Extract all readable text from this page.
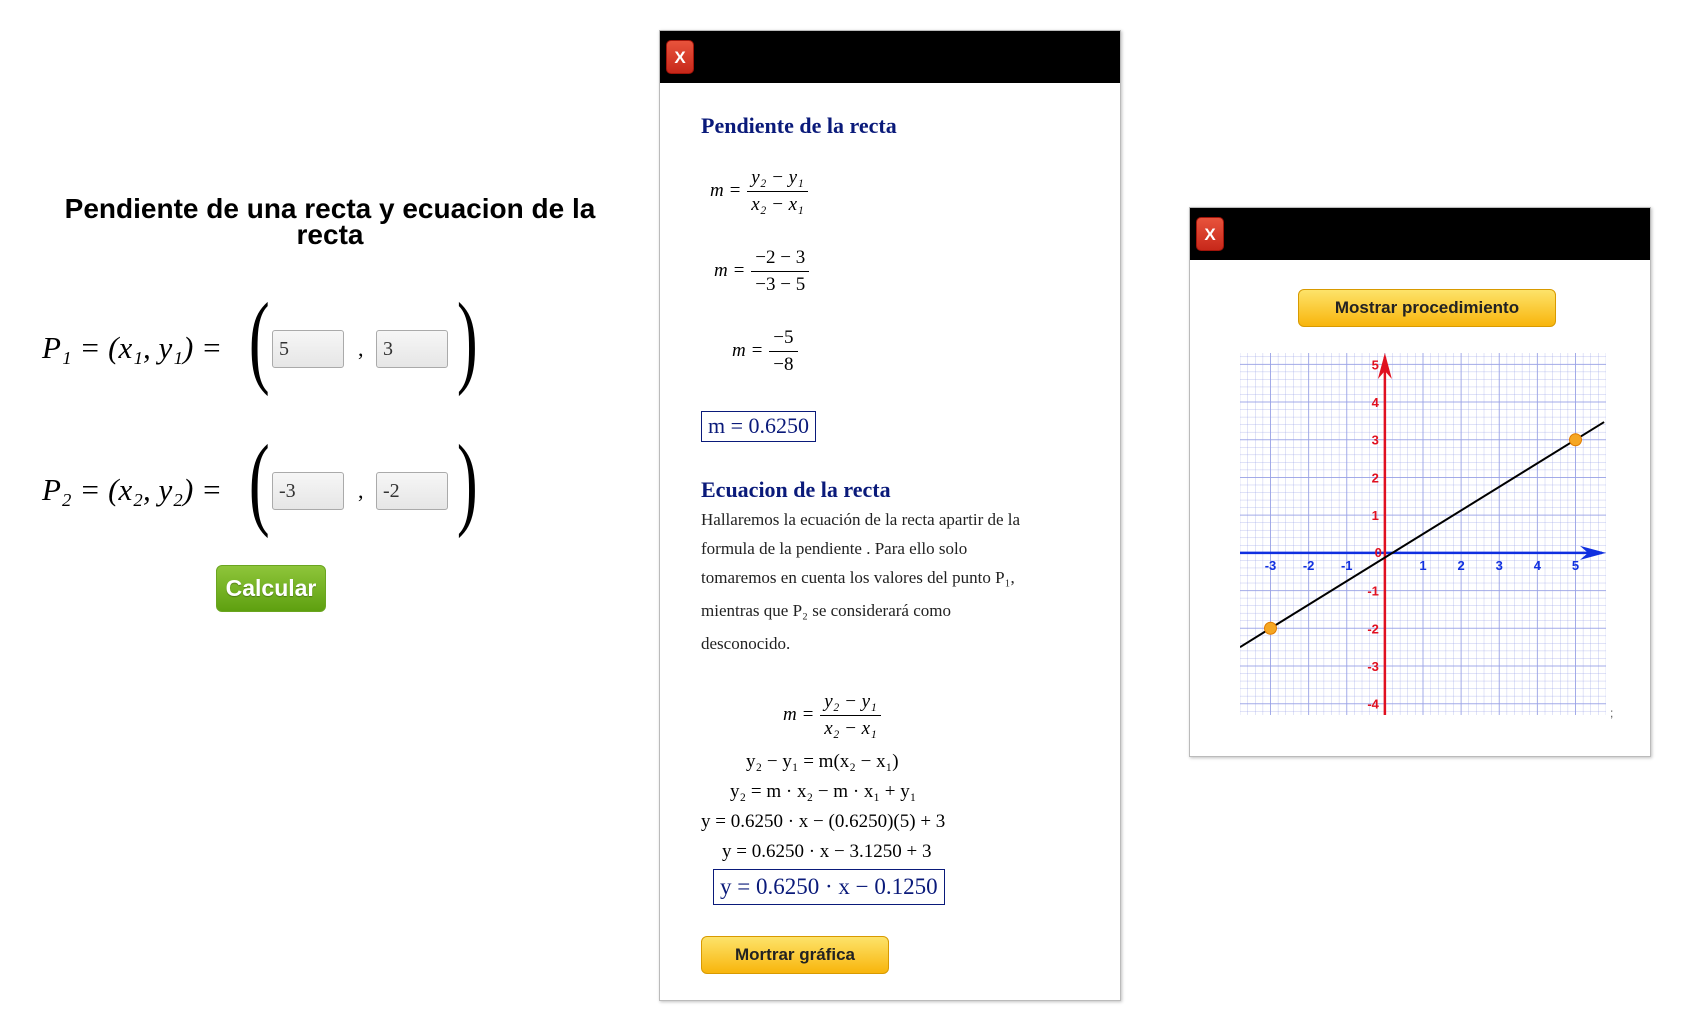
Pendiente de una recta y ecuacion de la recta
P₁ = (x₁, y₁) = (
5	,
3 )
P₂ = (x₂, y₂) = (
-3	,
-2 )
Calcular
X
Pendiente de la recta
$m = \frac{\text{y₂ − y₁}}{\text{x₂ − x₁}}$
$m = \frac{-2 - 3}{-3 - 5}$
$m = \frac{-5}{-8}$
m = 0.6250
Ecuacion de la recta

Hallaremos la ecuación de la recta apartir de la

formula de la pendiente . Para ello solo

tomaremos en cuenta los valores del punto P₁,

mientras que P₂ se considerará como

desconocido.

$m = \frac{\text{y₂ − y₁}}{\text{x₂ − x₁}}$
y₂ − y₁ = m(x₂ − x₁)
y₂ = m · x₂ − m · x₁ + y₁
y = 0.6250 · x − (0.6250)(5) + 3
y = 0.6250 · x − 3.1250 + 3
y = 0.6250 · x − 0.1250
Mortrar gráfica
X
Mostrar procedimiento
-3 -2 -1	1 2 3 4 5
5
4
3
2
1
-1
-2
-3
-4
0
;
